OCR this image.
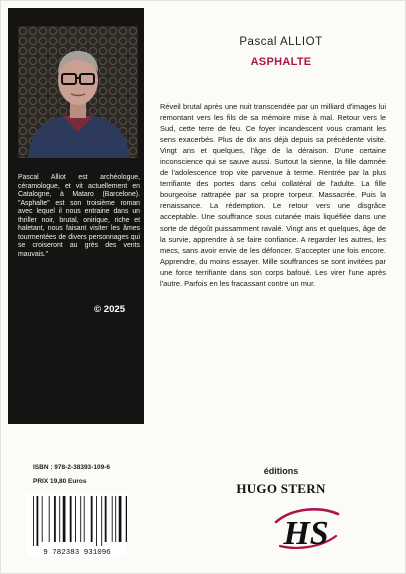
Pascal Alliot est archéologue, céramologue, et vit actuellement en Catalogne, à Mataro (Barcelone). "Asphalte" est son troisième roman avec lequel il nous entraine dans un thriller noir, brutal, onirique, riche et haletant, nous faisant visiter les âmes tourmentées de divers personnages qui se croiseront au grès des vents mauvais."

© 2025
ISBN : 978-2-38393-109-6
PRIX 19,80 Euros
9 782383 931096
Pascal ALLIOT
ASPHALTE

Réveil brutal après une nuit transcendée par un milliard d'images lui remontant vers les fils de sa mémoire mise à mal. Retour vers le Sud, cette terre de feu. Ce foyer incandescent vous cramant les sens exacerbés. Plus de dix ans déjà depuis sa précédente visite. Vingt ans et quelques, l'âge de la déraison. D'une certaine inconscience qui se sauve aussi. Surtout la sienne, la fille damnée de l'adolescence trop vite parvenue à terme. Rentrée par la plus terrifiante des portes dans celui collatéral de l'adulte. La fille bourgeoise rattrapée par sa propre torpeur. Massacrée. Puis la renaissance. La rédemption. Le retour vers une disgrâce acceptable. Une souffrance sous cutanée mais liquéfiée dans une sorte de dégoût puissamment ravalé. Vingt ans et quelques, âge de la survie, apprendre à se faire confiance. A regarder les autres, les mecs, sans avoir envie de les défoncer. S'accepter une fois encore. Apprendre, du moins essayer. Mille souffrances se sont invitées par une force terrifiante dans son corps bafoué. Les virer l'une après l'autre. Parfois en les fracassant contre un mur.

éditions
HUGO STERN
HS
